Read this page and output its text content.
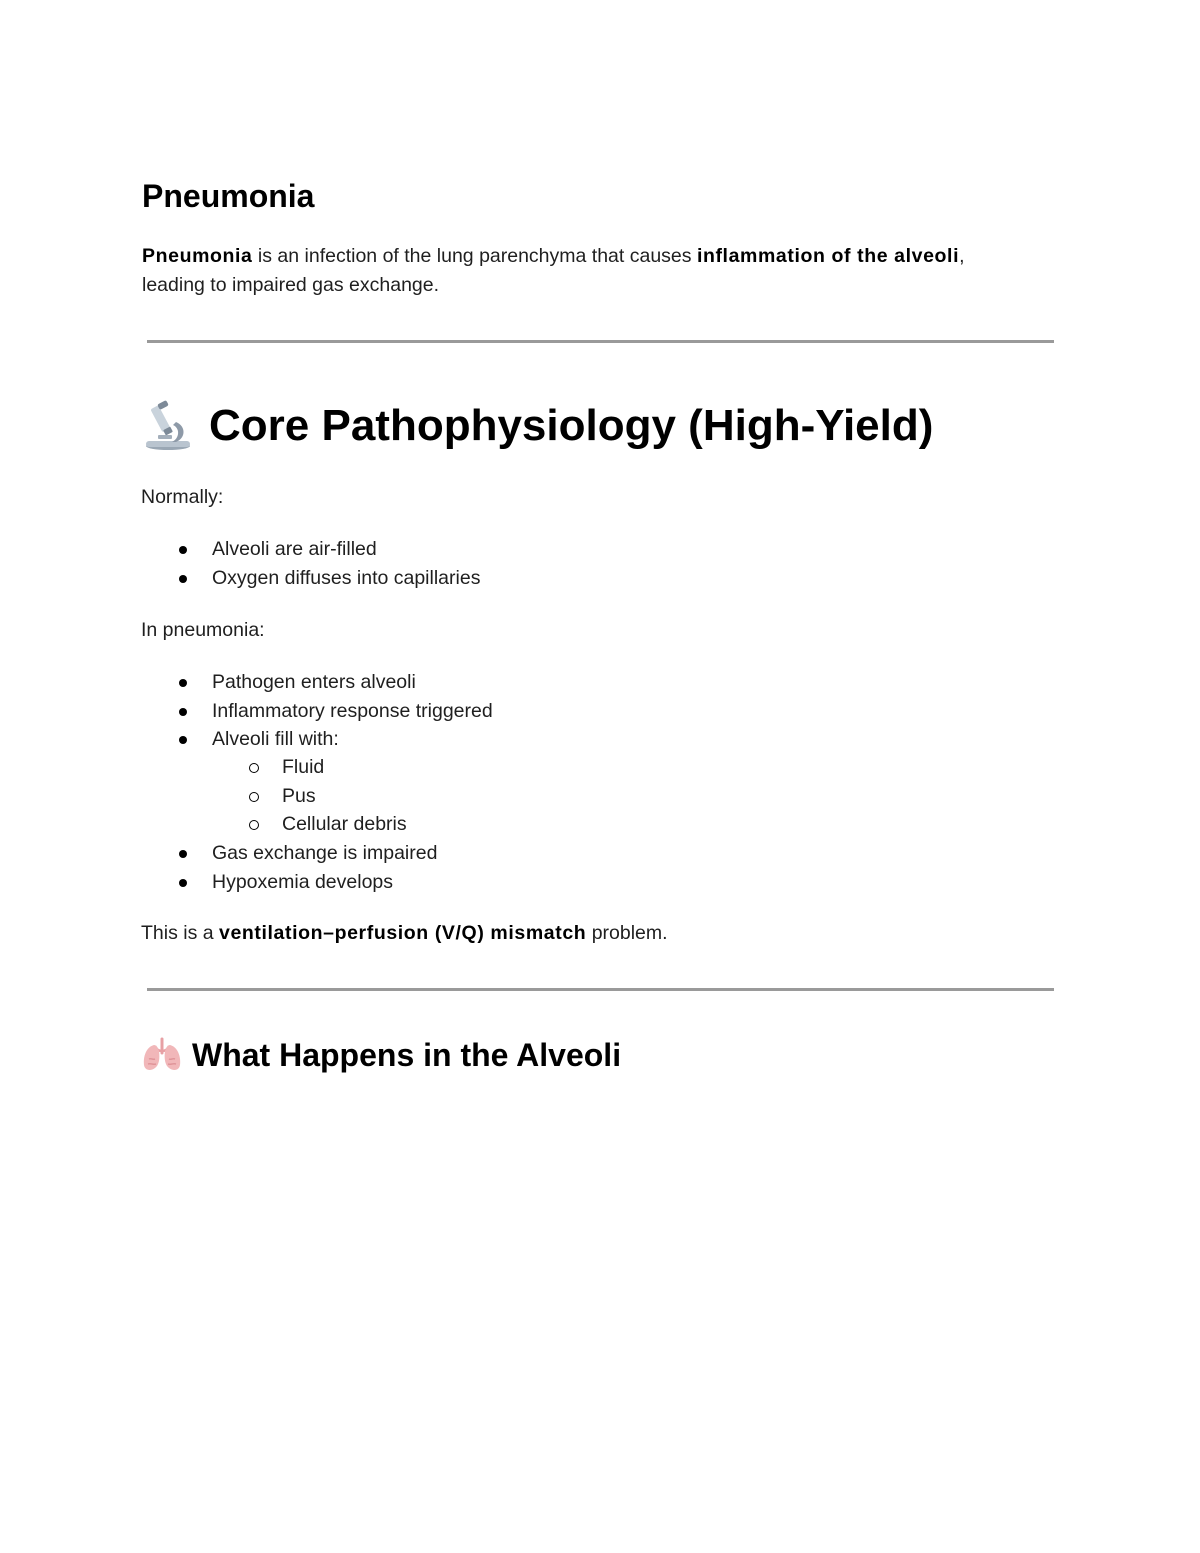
Pneumonia
Pneumonia is an infection of the lung parenchyma that causes inflammation of the alveoli,
leading to impaired gas exchange.
Core Pathophysiology (High-Yield)
Normally:
Alveoli are air-filled
Oxygen diffuses into capillaries
In pneumonia:
Pathogen enters alveoli
Inflammatory response triggered
Alveoli fill with:
Fluid
Pus
Cellular debris
Gas exchange is impaired
Hypoxemia develops
This is a ventilation–perfusion (V/Q) mismatch problem.
What Happens in the Alveoli
